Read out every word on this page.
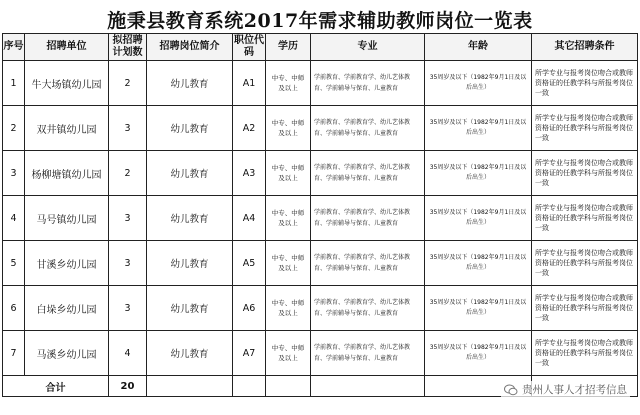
施秉县教育系统2017年需求辅助教师岗位一览表
序号	招聘单位	拟招聘计划数	招聘岗位简介	职位代码	学历	专业	年龄	其它招聘条件
1	牛大场镇幼儿园	2	幼儿教育	A1	中专、中师及以上	学前教育、学前教育学、幼儿艺体教育、学前辅导与保育、儿童教育	35周岁及以下（1982年9月1日及以后出生）	所学专业与报考岗位吻合或教师资格证的任教学科与所报考岗位一致
2	双井镇幼儿园	3	幼儿教育	A2	中专、中师及以上	学前教育、学前教育学、幼儿艺体教育、学前辅导与保育、儿童教育	35周岁及以下（1982年9月1日及以后出生）	所学专业与报考岗位吻合或教师资格证的任教学科与所报考岗位一致
3	杨柳塘镇幼儿园	2	幼儿教育	A3	中专、中师及以上	学前教育、学前教育学、幼儿艺体教育、学前辅导与保育、儿童教育	35周岁及以下（1982年9月1日及以后出生）	所学专业与报考岗位吻合或教师资格证的任教学科与所报考岗位一致
4	马号镇幼儿园	3	幼儿教育	A4	中专、中师及以上	学前教育、学前教育学、幼儿艺体教育、学前辅导与保育、儿童教育	35周岁及以下（1982年9月1日及以后出生）	所学专业与报考岗位吻合或教师资格证的任教学科与所报考岗位一致
5	甘溪乡幼儿园	3	幼儿教育	A5	中专、中师及以上	学前教育、学前教育学、幼儿艺体教育、学前辅导与保育、儿童教育	35周岁及以下（1982年9月1日及以后出生）	所学专业与报考岗位吻合或教师资格证的任教学科与所报考岗位一致
6	白垛乡幼儿园	3	幼儿教育	A6	中专、中师及以上	学前教育、学前教育学、幼儿艺体教育、学前辅导与保育、儿童教育	35周岁及以下（1982年9月1日及以后出生）	所学专业与报考岗位吻合或教师资格证的任教学科与所报考岗位一致
7	马溪乡幼儿园	4	幼儿教育	A7	中专、中师及以上	学前教育、学前教育学、幼儿艺体教育、学前辅导与保育、儿童教育	35周岁及以下（1982年9月1日及以后出生）	所学专业与报考岗位吻合或教师资格证的任教学科与所报考岗位一致
合计		20							贵州人事人才招考信息
